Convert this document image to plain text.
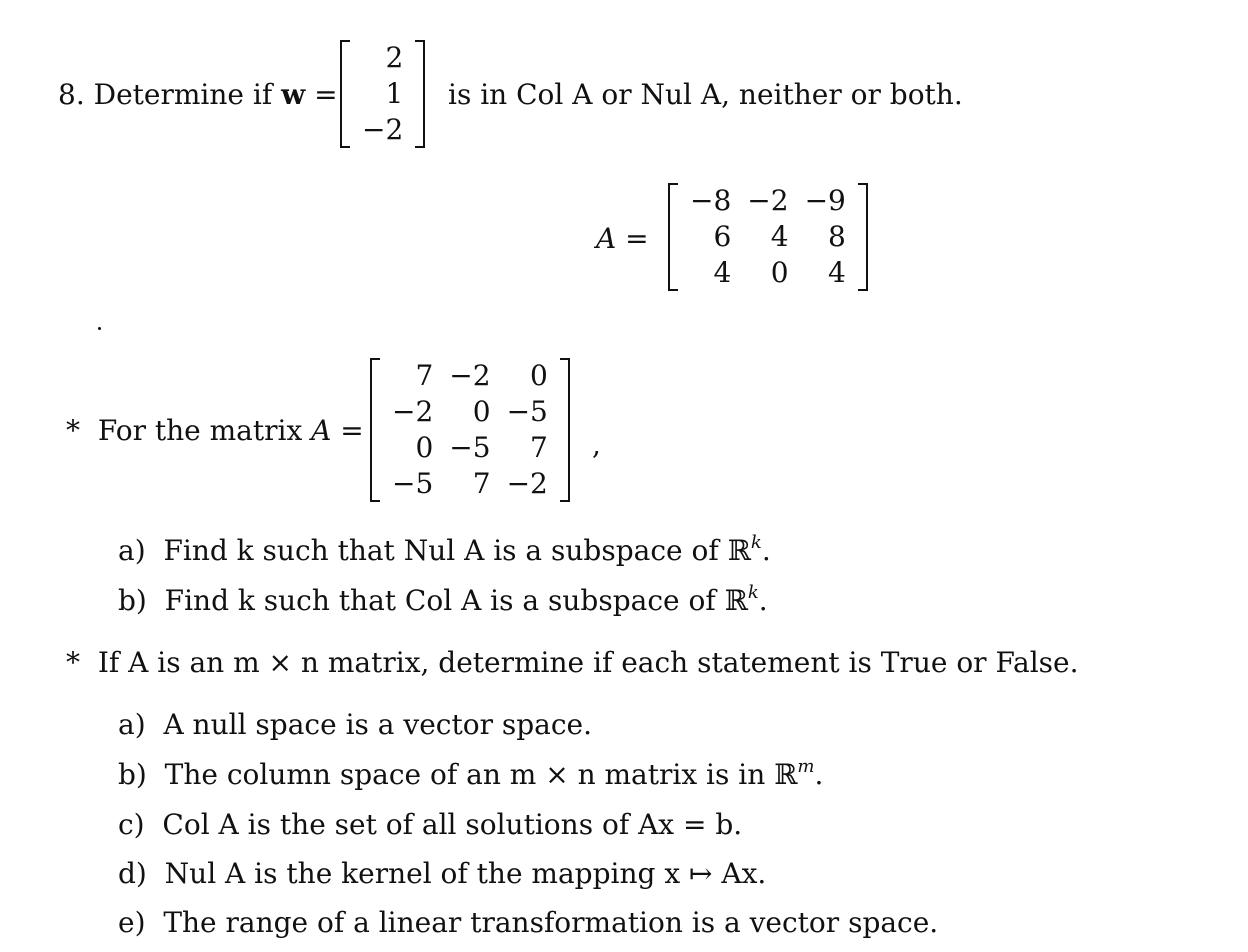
8. Determine if w =
2
1
−2
is in Col A or Nul A, neither or both.
A =
−8	−2	−9
6	4	8
4	0	4
* For the matrix A =
7	−2	0
−2	0	−5
0	−5	7
−5	7	−2
,
a) Find k such that Nul A is a subspace of ℝ$^k$.
b) Find k such that Col A is a subspace of ℝ$^k$.
* If A is an m × n matrix, determine if each statement is True or False.
a) A null space is a vector space.
b) The column space of an m × n matrix is in ℝ$^m$.
c) Col A is the set of all solutions of Ax = b.
d) Nul A is the kernel of the mapping x ↦ Ax.
e) The range of a linear transformation is a vector space.
